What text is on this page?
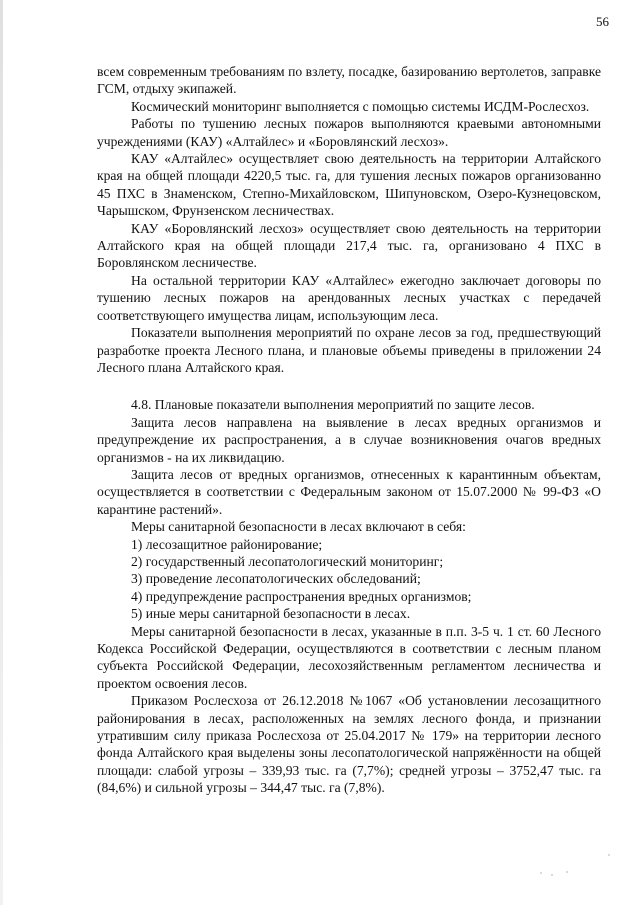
56

всем современным требованиям по взлету, посадке, базированию вертолетов, заправке ГСМ, отдыху экипажей.

Космический мониторинг выполняется с помощью системы ИСДМ-Рослесхоз.

Работы по тушению лесных пожаров выполняются краевыми автономными учреждениями (КАУ) «Алтайлес» и «Боровлянский лесхоз».

КАУ «Алтайлес» осуществляет свою деятельность на территории Алтайского края на общей площади 4220,5 тыс. га, для тушения лесных пожаров организованно 45 ПХС в Знаменском, Степно-Михайловском, Шипуновском, Озеро-Кузнецовском, Чарышском, Фрунзенском лесничествах.

КАУ «Боровлянский лесхоз» осуществляет свою деятельность на территории Алтайского края на общей площади 217,4 тыс. га, организовано 4 ПХС в Боровлянском лесничестве.

На остальной территории КАУ «Алтайлес» ежегодно заключает договоры по тушению лесных пожаров на арендованных лесных участках с передачей соответствующего имущества лицам, использующим леса.

Показатели выполнения мероприятий по охране лесов за год, предшествующий разработке проекта Лесного плана, и плановые объемы приведены в приложении 24 Лесного плана Алтайского края.

4.8. Плановые показатели выполнения мероприятий по защите лесов.

Защита лесов направлена на выявление в лесах вредных организмов и предупреждение их распространения, а в случае возникновения очагов вредных организмов - на их ликвидацию.

Защита лесов от вредных организмов, отнесенных к карантинным объектам, осуществляется в соответствии с Федеральным законом от 15.07.2000 № 99-ФЗ «О карантине растений».

Меры санитарной безопасности в лесах включают в себя:

1) лесозащитное районирование;

2) государственный лесопатологический мониторинг;

3) проведение лесопатологических обследований;

4) предупреждение распространения вредных организмов;

5) иные меры санитарной безопасности в лесах.

Меры санитарной безопасности в лесах, указанные в п.п. 3-5 ч. 1 ст. 60 Лесного Кодекса Российской Федерации, осуществляются в соответствии с лесным планом субъекта Российской Федерации, лесохозяйственным регламентом лесничества и проектом освоения лесов.

Приказом Рослесхоза от 26.12.2018 №1067 «Об установлении лесозащитного районирования в лесах, расположенных на землях лесного фонда, и признании утратившим силу приказа Рослесхоза от 25.04.2017 № 179» на территории лесного фонда Алтайского края выделены зоны лесопатологической напряжённости на общей площади: слабой угрозы – 339,93 тыс. га (7,7%); средней угрозы – 3752,47 тыс. га (84,6%) и сильной угрозы – 344,47 тыс. га (7,8%).
